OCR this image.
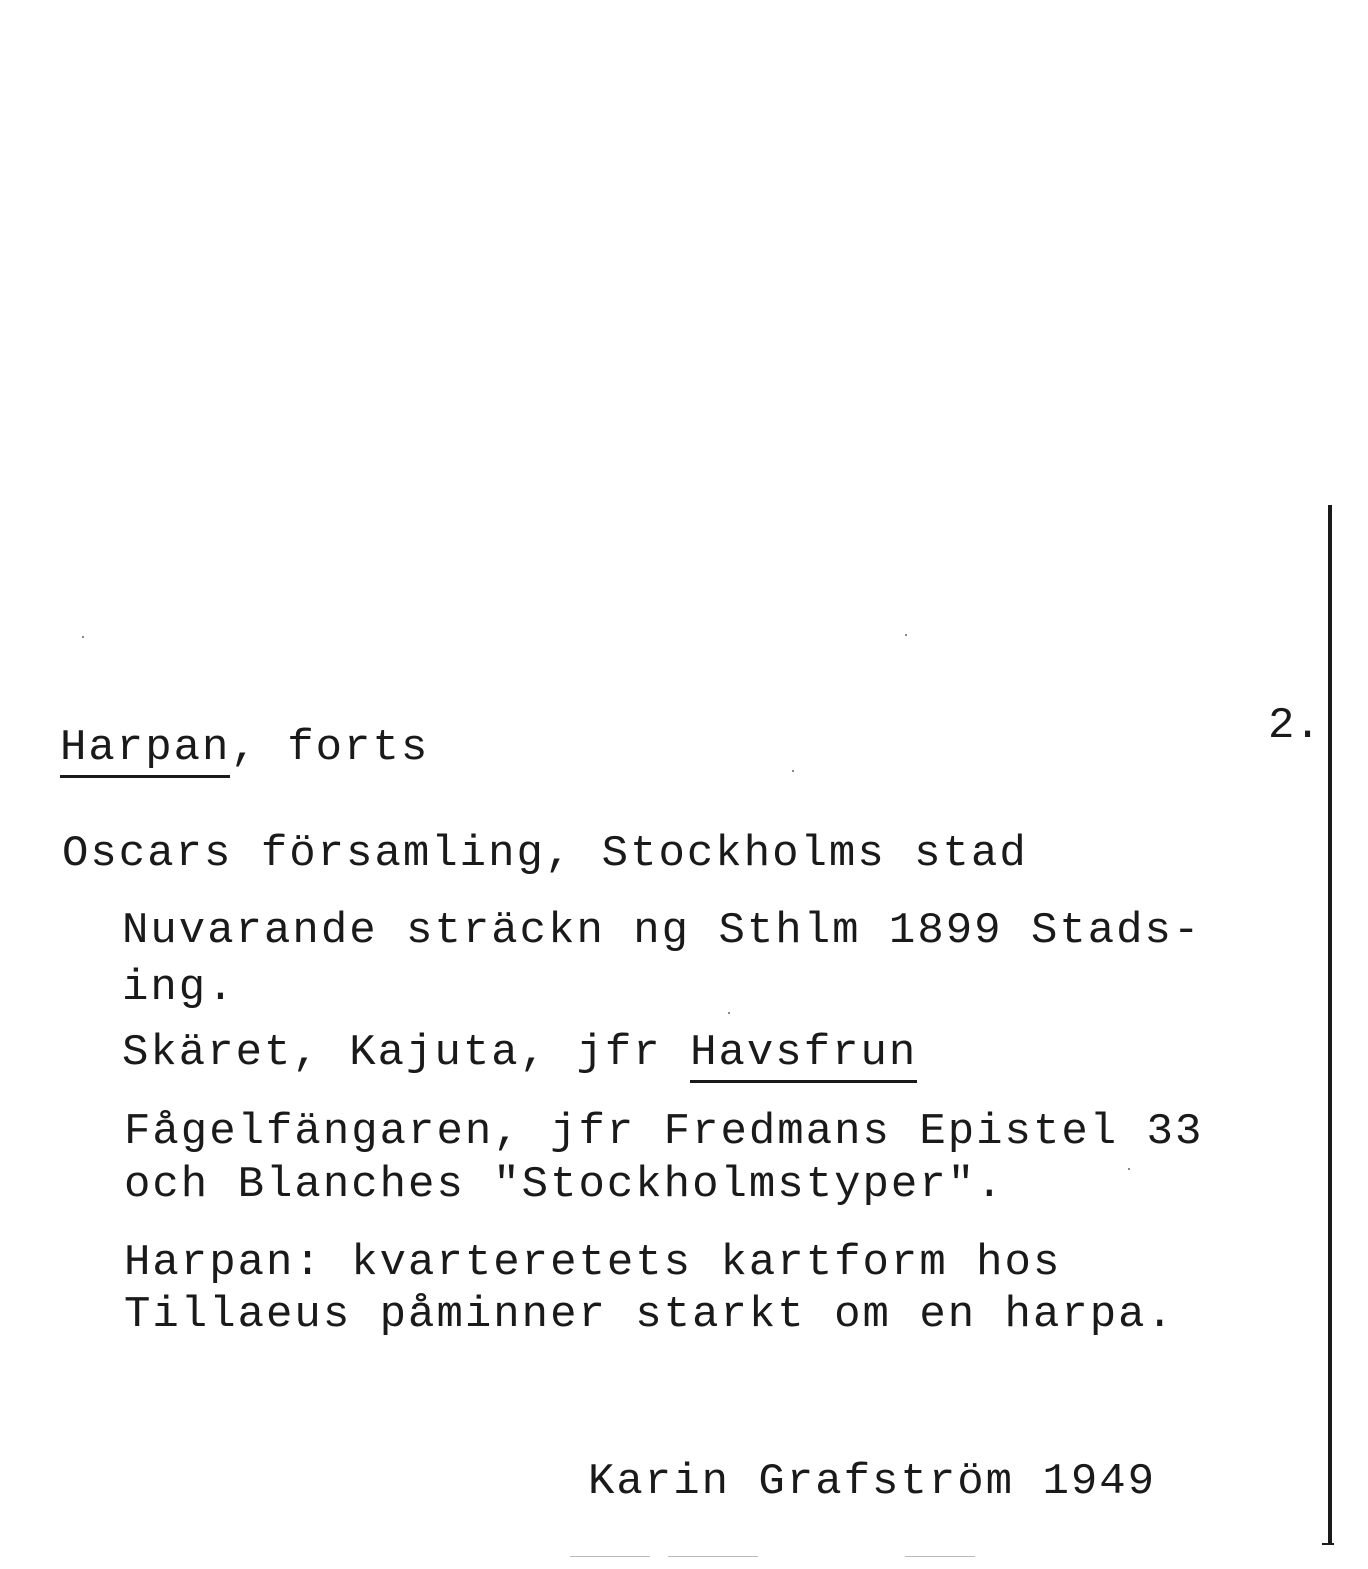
Harpan, forts	2.
Oscars församling, Stockholms stad
Nuvarande sträckn ng Sthlm 1899 Stads-
ing.
Skäret, Kajuta, jfr Havsfrun
Fågelfängaren, jfr Fredmans Epistel 33
och Blanches "Stockholmstyper".
Harpan: kvarteretets kartform hos
Tillaeus påminner starkt om en harpa.
Karin Grafström 1949
